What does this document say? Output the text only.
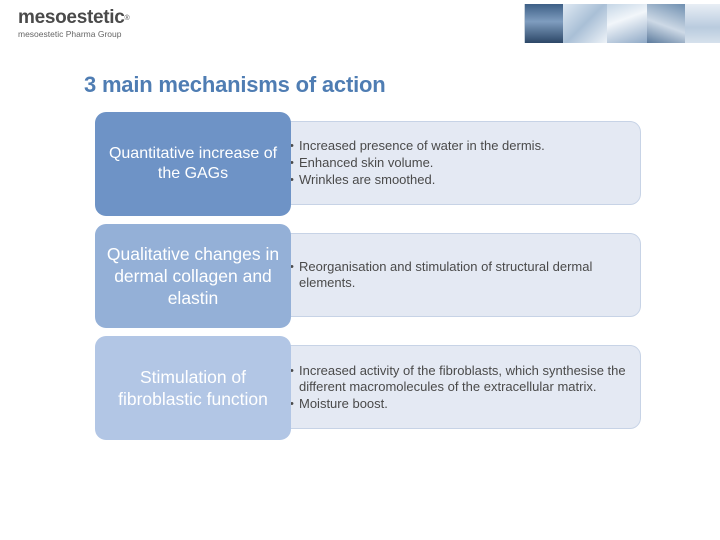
mesoestetic®
mesoestetic Pharma Group
3 main mechanisms of action
• Increased presence of water in the dermis.
• Enhanced skin volume.
• Wrinkles are smoothed.
Quantitative increase of the GAGs
• Reorganisation and stimulation of structural dermal elements.
Qualitative changes in dermal collagen and elastin
• Increased activity of the fibroblasts, which synthesise the different macromolecules of the extracellular matrix.
• Moisture boost.
Stimulation of fibroblastic function
